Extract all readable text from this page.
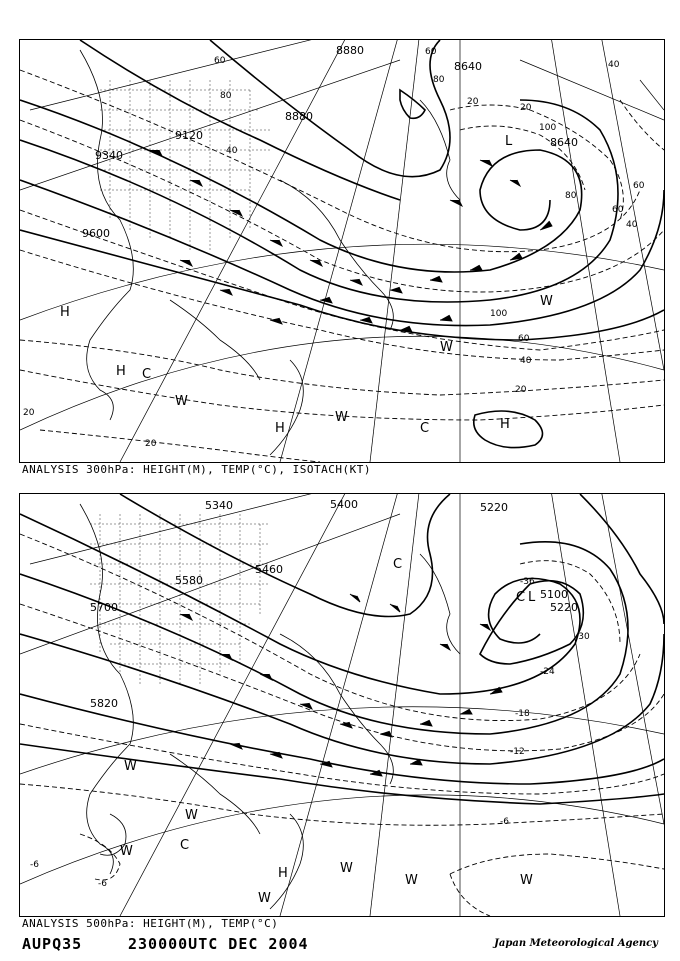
8880
8640
9120
8880
9340
8640
9600
60
40
60
80
20
20
80
100
40
80
60
60
40
100
60
40
20
20
20
L
H
C
H
W
H
W
C
H
W
W
ANALYSIS 300hPa: HEIGHT(M), TEMP(°C), ISOTACH(KT)
5340	5400	5220
5460
5580
5700
5100
5220
5820
-36
-30
-24
-18
-12
-6
-6
-6
C
L
C
W
W
C
W
W
H	W	W
W
ANALYSIS 500hPa: HEIGHT(M), TEMP(°C)
AUPQ35	230000UTC DEC 2004	Japan Meteorological Agency
